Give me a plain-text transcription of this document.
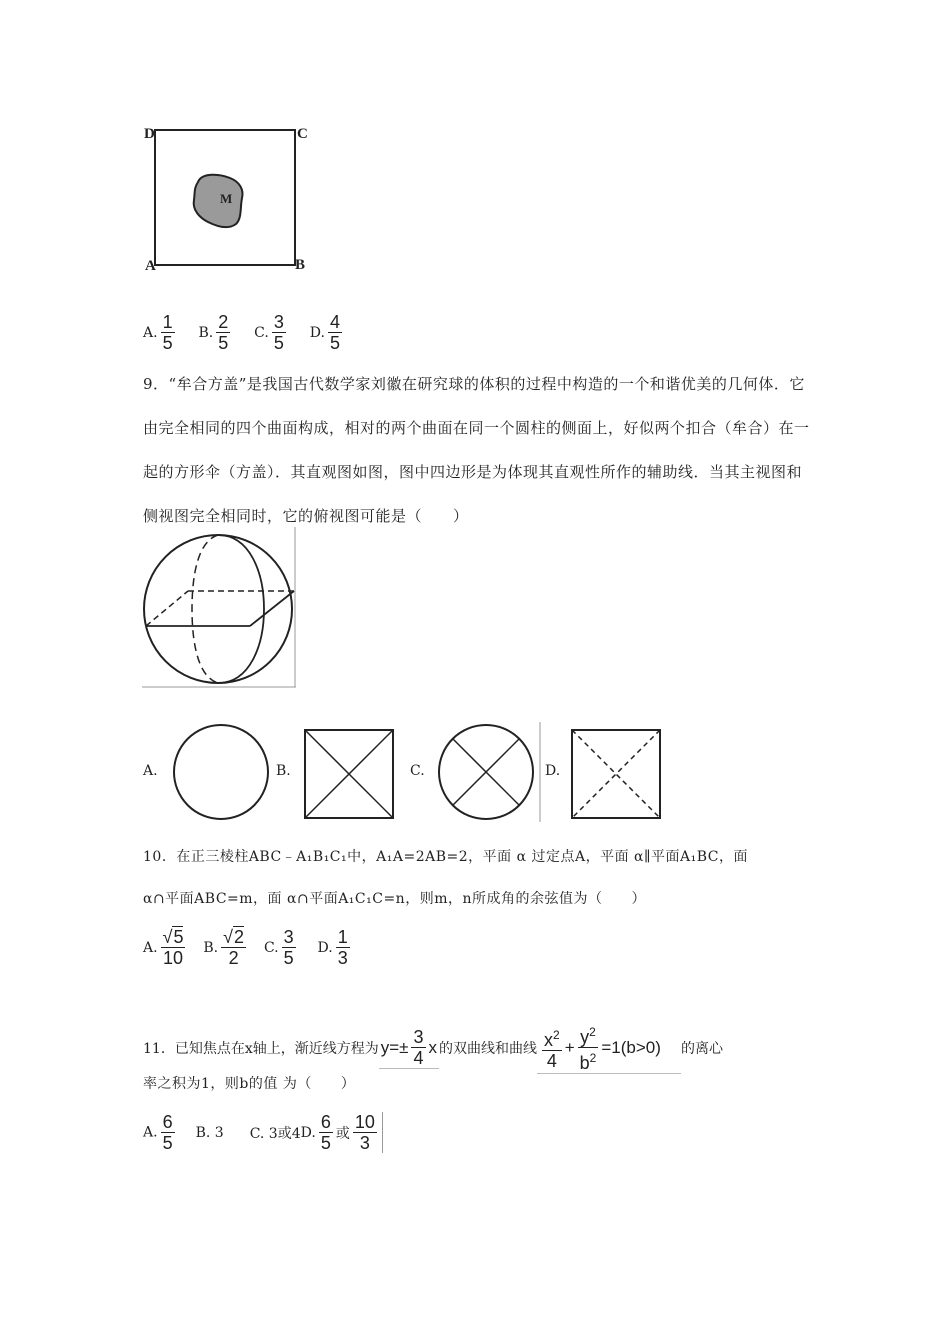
D	C
A	B
M
A. $\frac{1}{5} B$. $\frac{2}{5} C$. $\frac{3}{5} D$. $\frac{4}{5}$
9．“牟合方盖”是我国古代数学家刘徽在研究球的体积的过程中构造的一个和谐优美的几何体．它由完全相同的四个曲面构成，相对的两个曲面在同一个圆柱的侧面上，好似两个扣合（牟合）在一起的方形伞（方盖）．其直观图如图，图中四边形是为体现其直观性所作的辅助线．当其主视图和侧视图完全相同时，它的俯视图可能是（　　）
A.	B.	C.	D.
10．在正三棱柱ABC﹣A₁B₁C₁中，A₁A=2AB=2，平面 α 过定点A，平面 α∥平面A₁BC，面
α∩平面ABC=m，面 α∩平面A₁C₁C=n，则m，n所成角的余弦值为（　　）
A. $\frac{√5}{10} B$. $\frac{√2}{2} C$. $\frac{3}{5} D$. $\frac{1}{3}$
11．已知焦点在x轴上，渐近线方程为 $y=\pm \frac{3}{4}$ x 的双曲线和曲线 $\frac{x^2}{4} + \frac{y^2}{b^2} =1(b>0)$ 的离心
率之积为1，则b的值 为（　　）
A. $\frac{6}{5} B$. 3 C. 3或4 D. $\frac{6}{5}$ 或 $\frac{10}{3}$
